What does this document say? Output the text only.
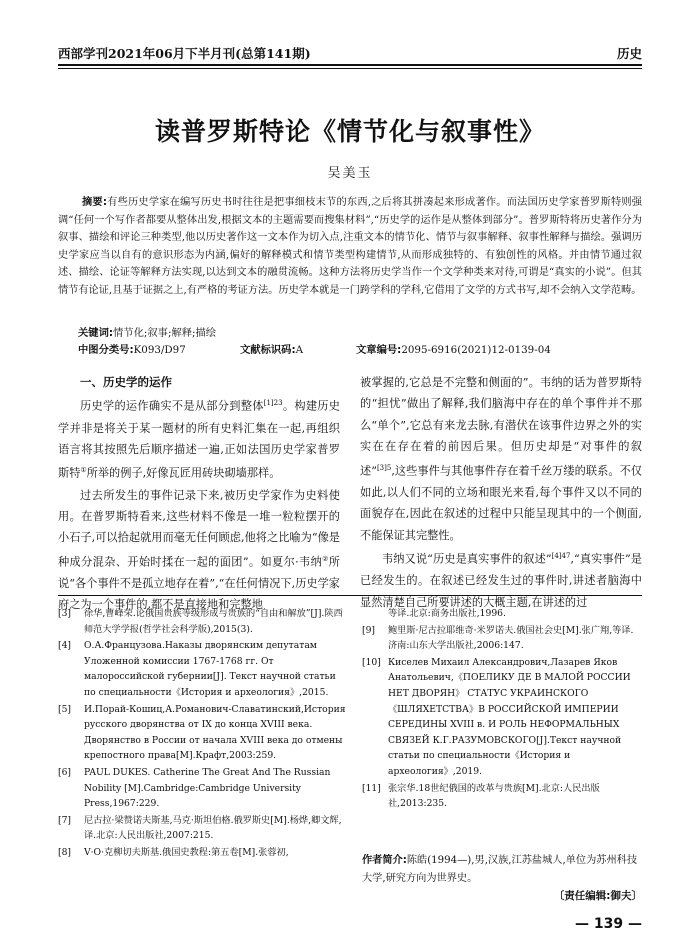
西部学刊2021年06月下半月刊(总第141期)	历史
读普罗斯特论《情节化与叙事性》
吴美玉
摘要:有些历史学家在编写历史书时往往是把事细枝末节的东西,之后将其拼凑起来形成著作。而法国历史学家普罗斯特则强调“任何一个写作者都要从整体出发,根据文本的主题需要而搜集材料”,“历史学的运作是从整体到部分”。普罗斯特将历史著作分为叙事、描绘和评论三种类型,他以历史著作这一文本作为切入点,注重文本的情节化、情节与叙事解释、叙事性解释与描绘。强调历史学家应当以自有的意识形态为内涵,偏好的解释模式和情节类型构建情节,从而形成独特的、有独创性的风格。并由情节通过叙述、描绘、论证等解释方法实现,以达到文本的融贯流畅。这种方法将历史学当作一个文学种类来对待,可谓是“真实的小说”。但其情节有论证,且基于证据之上,有严格的考证方法。历史学本就是一门跨学科的学科,它借用了文学的方式书写,却不会纳入文学范畴。
关键词:情节化;叙事;解释;描绘
中图分类号:K093/D97	文献标识码:A	文章编号:2095-6916(2021)12-0139-04

一、历史学的运作

历史学的运作确实不是从部分到整体$^{[1]23}$。构建历史学并非是将关于某一题材的所有史料汇集在一起,再组织语言将其按照先后顺序描述一遍,正如法国历史学家普罗斯特①所举的例子,好像瓦匠用砖块砌墙那样。

过去所发生的事件记录下来,被历史学家作为史料使用。在普罗斯特看来,这些材料不像是一堆一粒粒摆开的小石子,可以拾起就用而毫无任何顾虑,他将之比喻为“像是种成分混杂、开始时揉在一起的面团”。如夏尔·韦纳②所说“各个事件不是孤立地存在着”,“在任何情况下,历史学家府之为一个事件的,都不是直接地和完整地

被掌握的,它总是不完整和侧面的”。韦纳的话为普罗斯特的“担忧”做出了解释,我们脑海中存在的单个事件并不那么“单个”,它总有来龙去脉,有潜伏在该事件边界之外的实实在在存在着的前因后果。但历史却是“对事件的叙述”$^{[3]5}$,这些事件与其他事件存在着千丝万缕的联系。不仅如此,以人们不同的立场和眼光来看,每个事件又以不同的面貌存在,因此在叙述的过程中只能呈现其中的一个侧面,不能保证其完整性。

韦纳又说“历史是真实事件的叙述”$^{[4]47}$,“真实事件”是已经发生的。在叙述已经发生过的事件时,讲述者脑海中显然清楚自己所要讲述的大概主题,在讲述的过

[3] 徐华,曹峰荣.论俄国贵族等级形成与贵族的“自由和解放”[J].陕西师范大学学报(哲学社会科学版),2015(3).
[4] О.А.Французова.Наказы дворянским депутатам Уложенной комиссии 1767-1768 гг. От малороссийской губернии[J]. Текст научной статьи по специальности《История и археология》,2015.
[5] И.Порай-Кошиц,А.Романович-Славатинский,История русского дворянства от IX до конца XVIII века. Дворянство в России от начала XVIII века до отмены крепостного права[M].Крафт,2003:259.
[6] PAUL DUKES. Catherine The Great And The Russian Nobility [M].Cambridge:Cambridge University Press,1967:229.
[7] 尼古拉·梁赞诺夫斯基,马克·斯坦伯格.俄罗斯史[M].杨烨,卿文辉,译.北京:人民出版社,2007:215.
[8] V·O·克柳切夫斯基.俄国史教程:第五卷[M].张蓉初,
等译.北京:商务出版社,1996.
[9] 鲍里斯·尼古拉耶维奇·米罗诺夫.俄国社会史[M].张广翔,等译.济南:山东大学出版社,2006:147.
[10] Киселев Михаил Александрович,Лазарев Яков Анатольевич,《ПОЕЛИКУ ДЕ В МАЛОЙ РОССИИ НЕТ ДВОРЯН》 СТАТУС УКРАИНСКОГО《ШЛЯХЕТСТВА》В РОССИЙСКОЙ ИМПЕРИИ СЕРЕДИНЫ XVIII в. И РОЛЬ НЕФОРМАЛЬНЫХ СВЯЗЕЙ К.Г.РАЗУМОВСКОГО[J].Текст научной статьи по специальности《История и археология》,2019.
[11] 张宗华.18世纪俄国的改革与贵族[M].北京:人民出版社,2013:235.
作者简介:陈皓(1994—),男,汉族,江苏盐城人,单位为苏州科技大学,研究方向为世界史。
〔责任编辑:御夫〕
— 139 —
